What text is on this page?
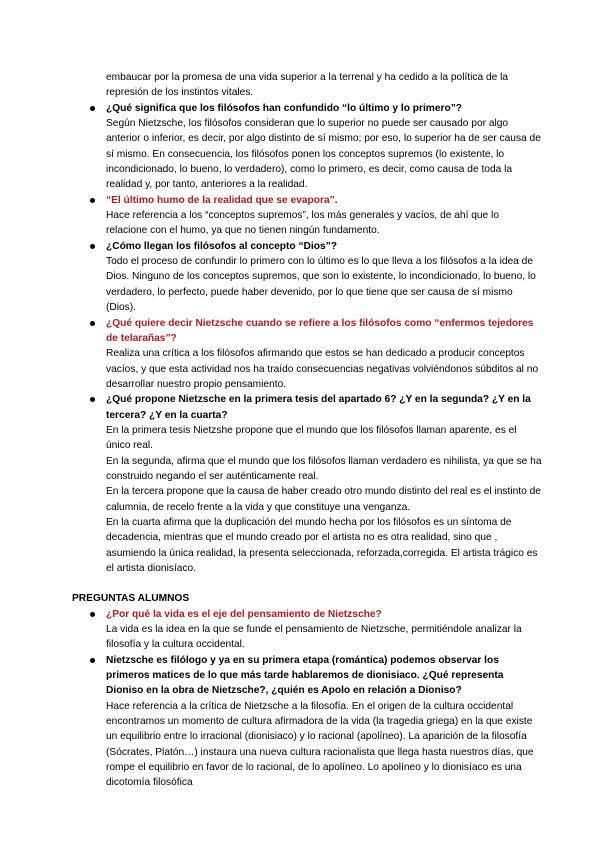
embaucar por la promesa de una vida superior a la terrenal y ha cedido a la política de la represión de los instintos vitales.

¿Qué significa que los filósofos han confundido “lo último y lo primero”?

Según Nietzsche, los filósofos consideran que lo superior no puede ser causado por algo anterior o inferior, es decir, por algo distinto de sí mismo; por eso, lo superior ha de ser causa de sí mismo. En consecuencia, los filósofos ponen los conceptos supremos (lo existente, lo incondicionado, lo bueno, lo verdadero), como lo primero, es decir, como causa de toda la realidad y, por tanto, anteriores a la realidad.

“El último humo de la realidad que se evapora”.

Hace referencia a los “conceptos supremos”, los más generales y vacíos, de ahí que lo relacione con el humo, ya que no tienen ningún fundamento.

¿Cómo llegan los filósofos al concepto “Dios”?

Todo el proceso de confundir lo primero con lo último es lo que lleva a los filósofos a la idea de Dios. Ninguno de los conceptos supremos, que son lo existente, lo incondicionado, lo bueno, lo verdadero, lo perfecto, puede haber devenido, por lo que tiene que ser causa de sí mismo (Dios).

¿Qué quiere decir Nietzsche cuando se refiere a los filósofos como “enfermos tejedores de telarañas”?

Realiza una crítica a los filósofos afirmando que estos se han dedicado a producir conceptos vacíos, y que esta actividad nos ha traído consecuencias negativas volviéndonos súbditos al no desarrollar nuestro propio pensamiento.

¿Qué propone Nietzsche en la primera tesis del apartado 6? ¿Y en la segunda? ¿Y en la tercera? ¿Y en la cuarta?

En la primera tesis Nietzshe propone que el mundo que los filósofos llaman aparente, es el único real.

En la segunda, afirma que el mundo que los filósofos llaman verdadero es nihilista, ya que se ha construido negando el ser auténticamente real.

En la tercera propone que la causa de haber creado otro mundo distinto del real es el instinto de calumnia, de recelo frente a la vida y que constituye una venganza.

En la cuarta afirma que la duplicación del mundo hecha por los filósofos es un síntoma de decadencia, mientras que el mundo creado por el artista no es otra realidad, sino que , asumiendo la única realidad, la presenta seleccionada, reforzada,corregida. El artista trágico es el artista dionisíaco.

PREGUNTAS ALUMNOS

¿Por qué la vida es el eje del pensamiento de Nietzsche?

La vida es la idea en la que se funde el pensamiento de Nietzsche, permitiéndole analizar la filosofía y la cultura occidental.

Nietzsche es filólogo y ya en su primera etapa (romántica) podemos observar los primeros matices de lo que más tarde hablaremos de dionisiaco. ¿Qué representa Dioniso en la obra de Nietzsche?, ¿quién es Apolo en relación a Dioniso?

Hace referencia a la crítica de Nietzsche a la filosofía. En el origen de la cultura occidental encontramos un momento de cultura afirmadora de la vida (la tragedia griega) en la que existe un equilibrio entre lo irracional (dionisiaco) y lo racional (apolíneo). La aparición de la filosofía (Sócrates, Platón…) instaura una nueva cultura racionalista que llega hasta nuestros días, que rompe el equilibrio en favor de lo racional, de lo apolíneo. Lo apolíneo y lo dionisíaco es una dicotomía filosófica
